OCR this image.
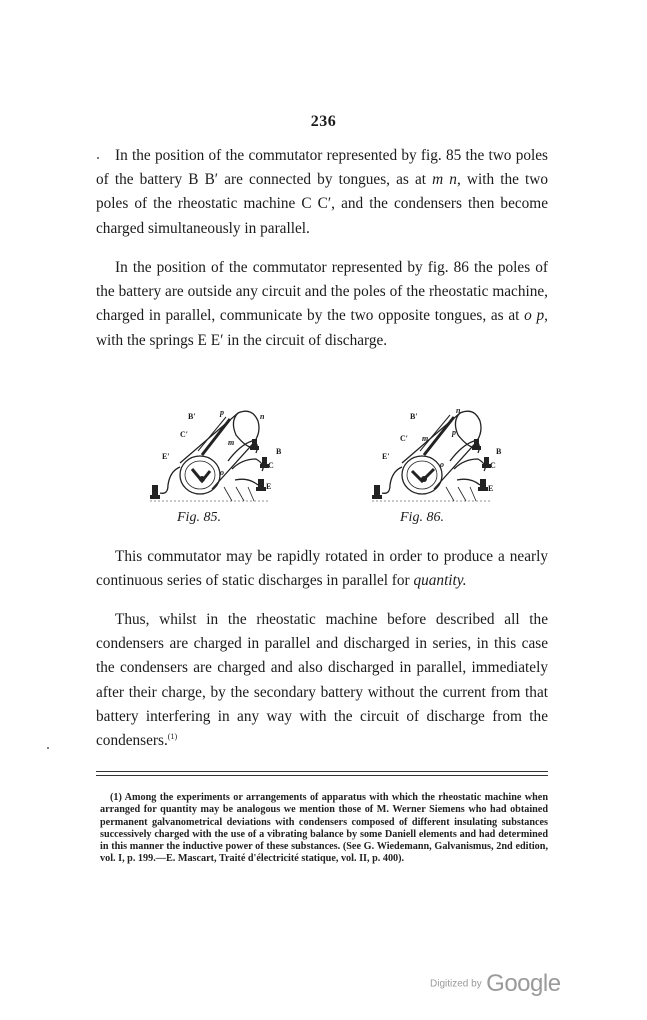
236

In the position of the commutator represented by fig. 85 the two poles of the battery B B′ are connected by tongues, as at m n, with the two poles of the rheostatic machine C C′, and the condensers then become charged simultaneously in parallel.

In the position of the commutator represented by fig. 86 the poles of the battery are outside any circuit and the poles of the rheostatic machine, charged in parallel, communicate by the two opposite tongues, as at o p, with the springs E E′ in the circuit of discharge.

B′
C′
E′
p	n
m
o
B
C
E
Fig. 85.
B′
C′
E′
n
m
o
p
B
C
E
Fig. 86.

This commutator may be rapidly rotated in order to produce a nearly continuous series of static discharges in parallel for quantity.

Thus, whilst in the rheostatic machine before described all the condensers are charged in parallel and discharged in series, in this case the condensers are charged and also discharged in parallel, immediately after their charge, by the secondary battery without the current from that battery interfering in any way with the circuit of discharge from the condensers.$^{(1)}$

(1) Among the experiments or arrangements of apparatus with which the rheostatic machine when arranged for quantity may be analogous we mention those of M. Werner Siemens who had obtained permanent galvanometrical deviations with condensers composed of different insulating substances successively charged with the use of a vibrating balance by some Daniell elements and had determined in this manner the inductive power of these substances. (See G. Wiedemann, Galvanismus, 2nd edition, vol. I, p. 199.—E. Mascart, Traité d'électricité statique, vol. II, p. 400).

Digitized by Google
